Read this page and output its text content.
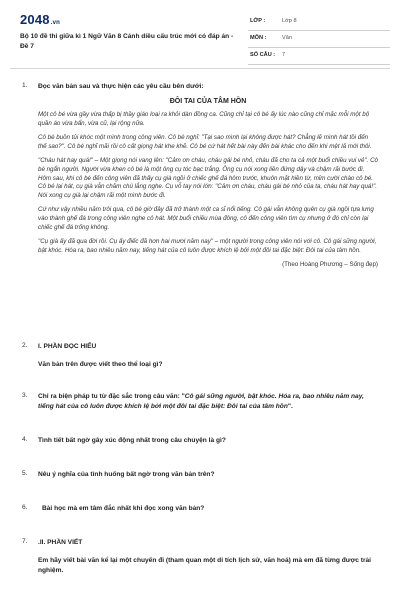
2048.vn
Bộ 10 đề thi giữa kì 1 Ngữ Văn 8 Cánh diều cấu trúc mới có đáp án - Đề 7
LỚP :	Lớp 8
MÔN :	Văn
SỐ CÂU : 7
1. Đọc văn bản sau và thực hiện các yêu cầu bên dưới:
ĐÔI TAI CỦA TÂM HỒN

Một cô bé vừa gầy vừa thấp bị thầy giáo loại ra khỏi dàn đồng ca. Cũng chỉ tại cô bé ấy lúc nào cũng chỉ mặc mỗi một bộ quần áo vừa bẩn, vừa cũ, lại rộng nữa.

Cô bé buồn tủi khóc một mình trong công viên. Cô bé nghĩ: "Tại sao mình lại không được hát? Chẳng lẽ mình hát tồi đến thế sao?". Cô bé nghĩ mãi rồi cô cất giọng hát khe khẽ. Cô bé cứ hát hết bài này đến bài khác cho đến khi mệt lả mới thôi.

"Cháu hát hay quá!" – Một giọng nói vang lên: "Cảm ơn cháu, cháu gái bé nhỏ, cháu đã cho ta cả một buổi chiều vui vẻ". Cô bé ngẩn người. Người vừa khen cô bé là một ông cụ tóc bạc trắng. Ông cụ nói xong liền đứng dậy và chậm rãi bước đi. Hôm sau, khi cô bé đến công viên đã thấy cụ già ngồi ở chiếc ghế đá hôm trước, khuôn mặt hiền từ, mỉm cười chào cô bé. Cô bé lại hát, cụ già vẫn chăm chú lắng nghe. Cụ vỗ tay nói lớn: "Cảm ơn cháu, cháu gái bé nhỏ của ta, cháu hát hay quá!". Nói xong cụ già lại chậm rãi một mình bước đi.

Cứ như vậy nhiều năm trôi qua, cô bé giờ đây đã trở thành một ca sĩ nổi tiếng. Cô gái vẫn không quên cụ già ngồi tựa lưng vào thành ghế đá trong công viên nghe cô hát. Một buổi chiều mùa đông, cô đến công viên tìm cụ nhưng ở đó chỉ còn lại chiếc ghế đá trống không.

"Cụ già ấy đã qua đời rồi. Cụ ấy điếc đã hơn hai mươi năm nay" – một người trong công viên nói với cô. Cô gái sững người, bật khóc. Hóa ra, bao nhiêu năm nay, tiếng hát của cô luôn được khích lệ bởi một đôi tai đặc biệt: Đôi tai của tâm hồn.

(Theo Hoàng Phương – Sống đẹp)
2. I. PHẦN ĐỌC HIỂU
Văn bản trên được viết theo thể loại gì?
3. Chỉ ra biện pháp tu từ đặc sắc trong câu văn: "Cô gái sững người, bật khóc. Hóa ra, bao nhiêu năm nay, tiếng hát của cô luôn được khích lệ bởi một đôi tai đặc biệt: Đôi tai của tâm hồn".
4. Tình tiết bất ngờ gây xúc động nhất trong câu chuyện là gì?
5. Nêu ý nghĩa của tình huống bất ngờ trong văn bản trên?
6. Bài học mà em tâm đắc nhất khi đọc xong văn bản?
7. .II. PHẦN VIẾT
Em hãy viết bài văn kể lại một chuyến đi (tham quan một di tích lịch sử, văn hoá) mà em đã từng được trải nghiệm.
